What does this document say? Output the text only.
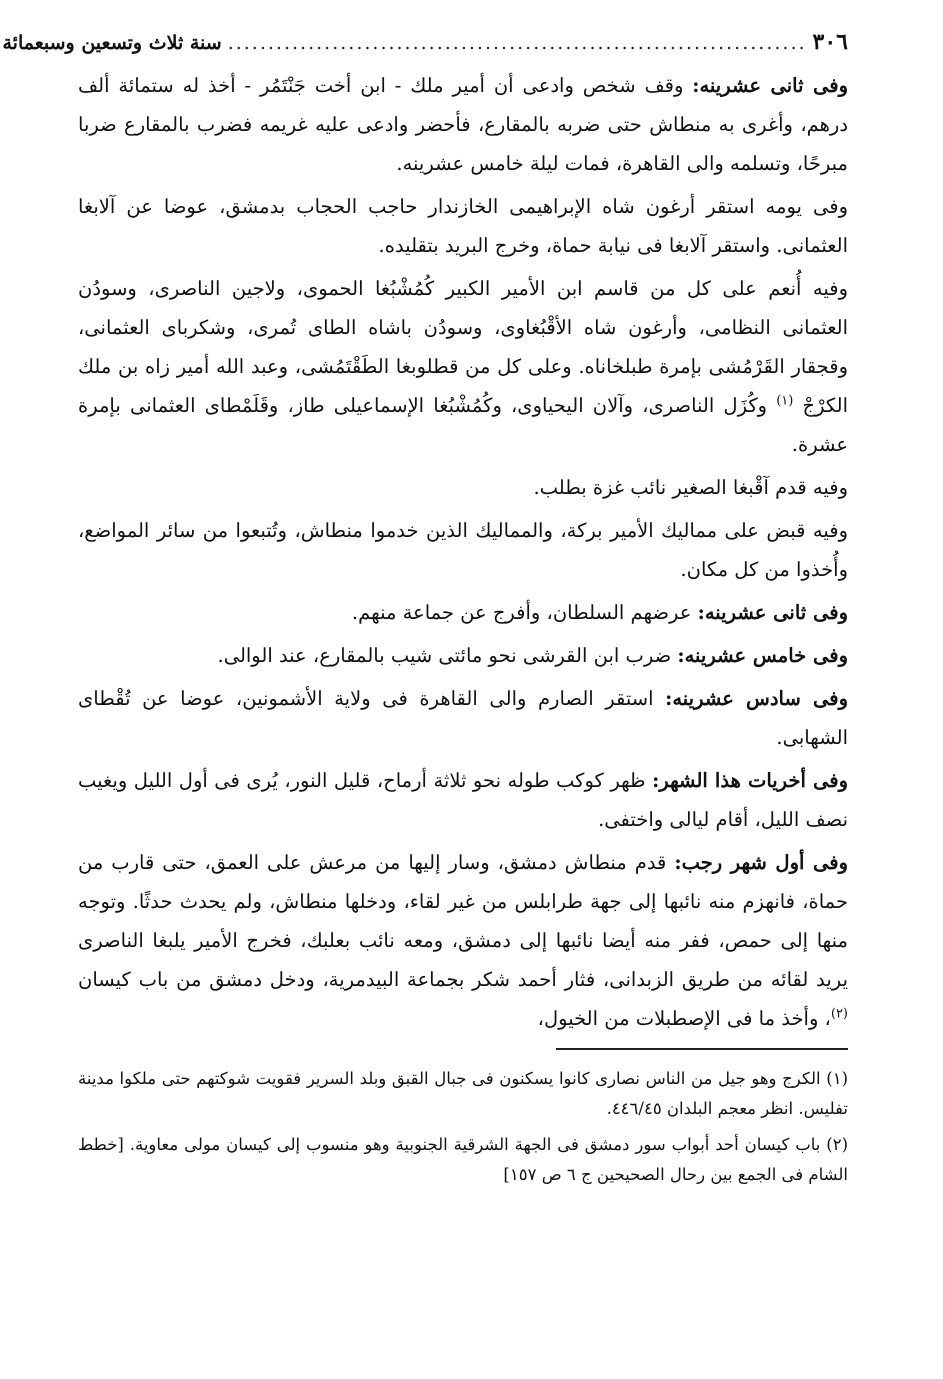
٣٠٦
........................................................................
سنة ثلاث وتسعين وسبعمائة

وفى ثانى عشرينه: وقف شخص وادعى أن أمير ملك - ابن أخت جَنْتَمُر - أخذ له ستمائة ألف درهم، وأغرى به منطاش حتى ضربه بالمقارع، فأحضر وادعى عليه غريمه فضرب بالمقارع ضربا مبرحًا، وتسلمه والى القاهرة، فمات ليلة خامس عشرينه.

وفى يومه استقر أرغون شاه الإبراهيمى الخازندار حاجب الحجاب بدمشق، عوضا عن آلابغا العثمانى. واستقر آلابغا فى نيابة حماة، وخرج البريد بتقليده.

وفيه أُنعم على كل من قاسم ابن الأمير الكبير كُمُشْبُغا الحموى، ولاجين الناصرى، وسودُن العثمانى النظامى، وأرغون شاه الأقْبُغاوى، وسودُن باشاه الطاى تُمرى، وشكرباى العثمانى، وقجقار القَرْمُشى بإمرة طبلخاناه. وعلى كل من قطلوبغا الطَقْتَمُشى، وعبد الله أمير زاه بن ملك الكرْجْ $^{(١)}$ وكُزَل الناصرى، وآلان اليحياوى، وكُمُشْبُغا الإسماعيلى طاز، وقَلَمْطاى العثمانى بإمرة عشرة.

وفيه قدم آقْبغا الصغير نائب غزة بطلب.

وفيه قبض على مماليك الأمير بركة، والمماليك الذين خدموا منطاش، وتُتبعوا من سائر المواضع، وأُخذوا من كل مكان.

وفى ثانى عشرينه: عرضهم السلطان، وأفرج عن جماعة منهم.

وفى خامس عشرينه: ضرب ابن القرشى نحو مائتى شيب بالمقارع، عند الوالى.

وفى سادس عشرينه: استقر الصارم والى القاهرة فى ولاية الأشمونين، عوضا عن تُقْطاى الشهابى.

وفى أخريات هذا الشهر: ظهر كوكب طوله نحو ثلاثة أرماح، قليل النور، يُرى فى أول الليل ويغيب نصف الليل، أقام ليالى واختفى.

وفى أول شهر رجب: قدم منطاش دمشق، وسار إليها من مرعش على العمق، حتى قارب من حماة، فانهزم منه نائبها إلى جهة طرابلس من غير لقاء، ودخلها منطاش، ولم يحدث حدثًا. وتوجه منها إلى حمص، ففر منه أيضا نائبها إلى دمشق، ومعه نائب بعلبك، فخرج الأمير يلبغا الناصرى يريد لقائه من طريق الزبدانى، فثار أحمد شكر بجماعة البيدمرية، ودخل دمشق من باب كيسان $^{(٢)}$، وأخذ ما فى الإصطبلات من الخيول،

(١) الكرج وهو جيل من الناس نصارى كانوا يسكنون فى جبال القبق وبلد السرير فقويت شوكتهم حتى ملكوا مدينة تفليس. انظر معجم البلدان ٤٤٦/٤٥.

(٢) باب كيسان أحد أبواب سور دمشق فى الجهة الشرقية الجنوبية وهو منسوب إلى كيسان مولى معاوية. [خطط الشام فى الجمع بين رحال الصحيحين ج ٦ ص ١٥٧]
